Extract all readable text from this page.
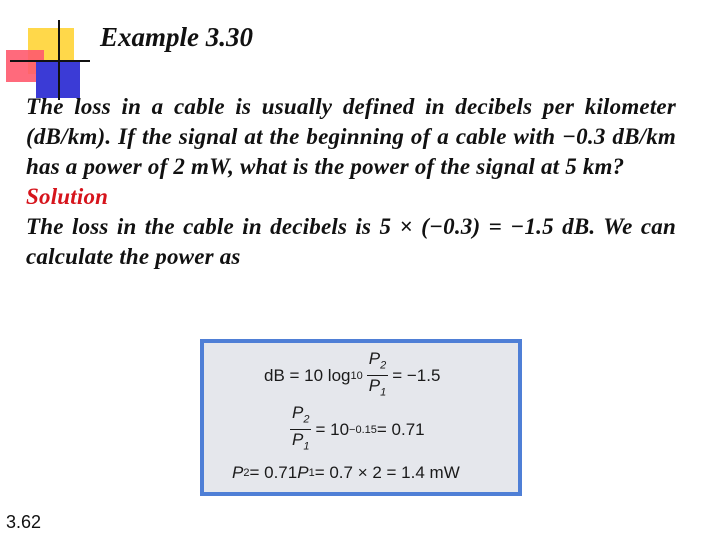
Example 3.30

The loss in a cable is usually defined in decibels per kilometer (dB/km). If the signal at the beginning of a cable with −0.3 dB/km has a power of 2 mW, what is the power of the signal at 5 km?

Solution

The loss in the cable in decibels is 5 × (−0.3) = −1.5 dB. We can calculate the power as

dB = 10 $\log 10 \frac{P_2}{P_1} = -1.5$
$\frac{P_2}{P_1} = 10 -0.15 = 0.71$
P 2 = 0.71 P 1 = 0.7 × 2 = 1.4 mW
3.62
